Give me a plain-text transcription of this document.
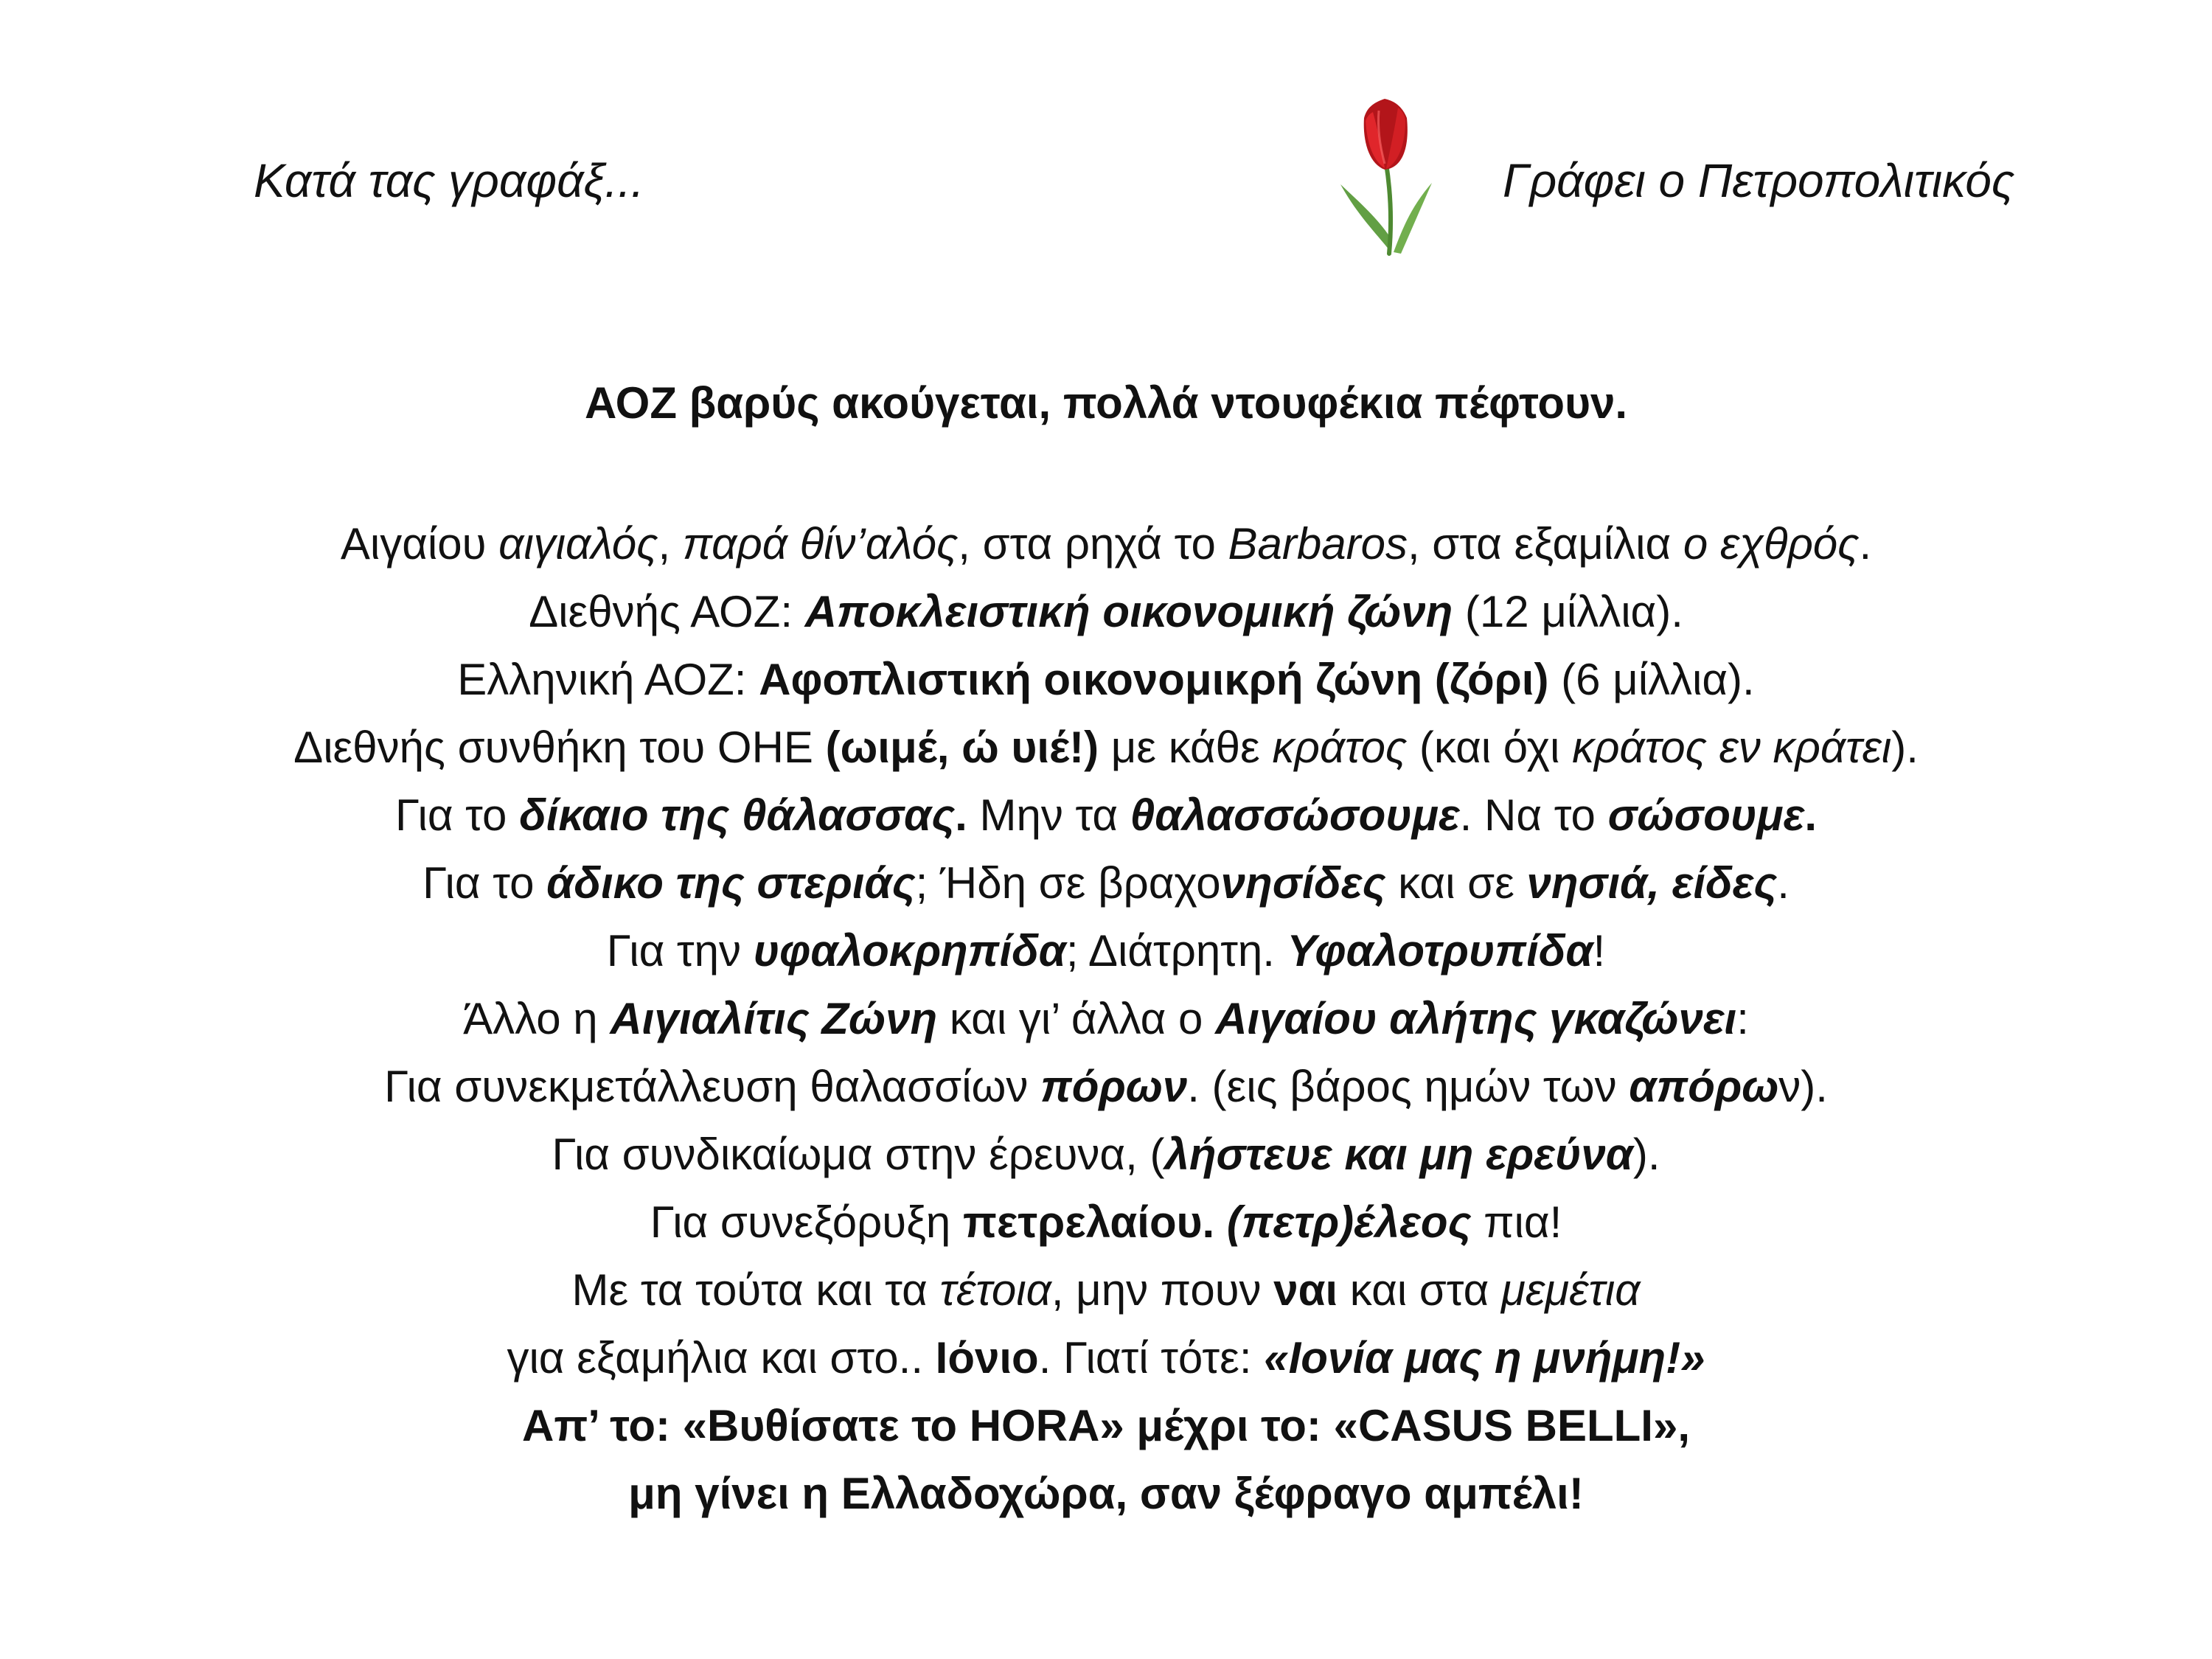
Κατά τας γραφάξ...	Γράφει ο Πετροπολιτικός
ΑΟΖ βαρύς ακούγεται, πολλά ντουφέκια πέφτουν.
Αιγαίου αιγιαλός, παρά θίν’αλός, στα ρηχά το Barbaros, στα εξαμίλια ο εχθρός.
Διεθνής ΑΟΖ: Αποκλειστική οικονομική ζώνη (12 μίλλια).
Ελληνική ΑΟΖ: Αφοπλιστική οικονομικρή ζώνη (ζόρι) (6 μίλλια).
Διεθνής συνθήκη του ΟΗΕ (ωιμέ, ώ υιέ!) με κάθε κράτος (και όχι κράτος εν κράτει).
Για το δίκαιο της θάλασσας. Μην τα θαλασσώσουμε. Να το σώσουμε.
Για το άδικο της στεριάς; Ήδη σε βραχονησίδες και σε νησιά, είδες.
Για την υφαλοκρηπίδα; Διάτρητη. Υφαλοτρυπίδα!
Άλλο η Αιγιαλίτις Ζώνη και γι’ άλλα ο Αιγαίου αλήτης γκαζώνει:
Για συνεκμετάλλευση θαλασσίων πόρων. (εις βάρος ημών των απόρων).
Για συνδικαίωμα στην έρευνα, (λήστευε και μη ερεύνα).
Για συνεξόρυξη πετρελαίου. (πετρ)έλεος πια!
Με τα τούτα και τα τέτοια, μην πουν ναι και στα μεμέτια
για εξαμήλια και στο.. Ιόνιο. Γιατί τότε: «Ιονία μας η μνήμη!»
Απ’ το: «Βυθίσατε το HORA» μέχρι το: «CASUS BELLI»,
μη γίνει η Ελλαδοχώρα, σαν ξέφραγο αμπέλι!
